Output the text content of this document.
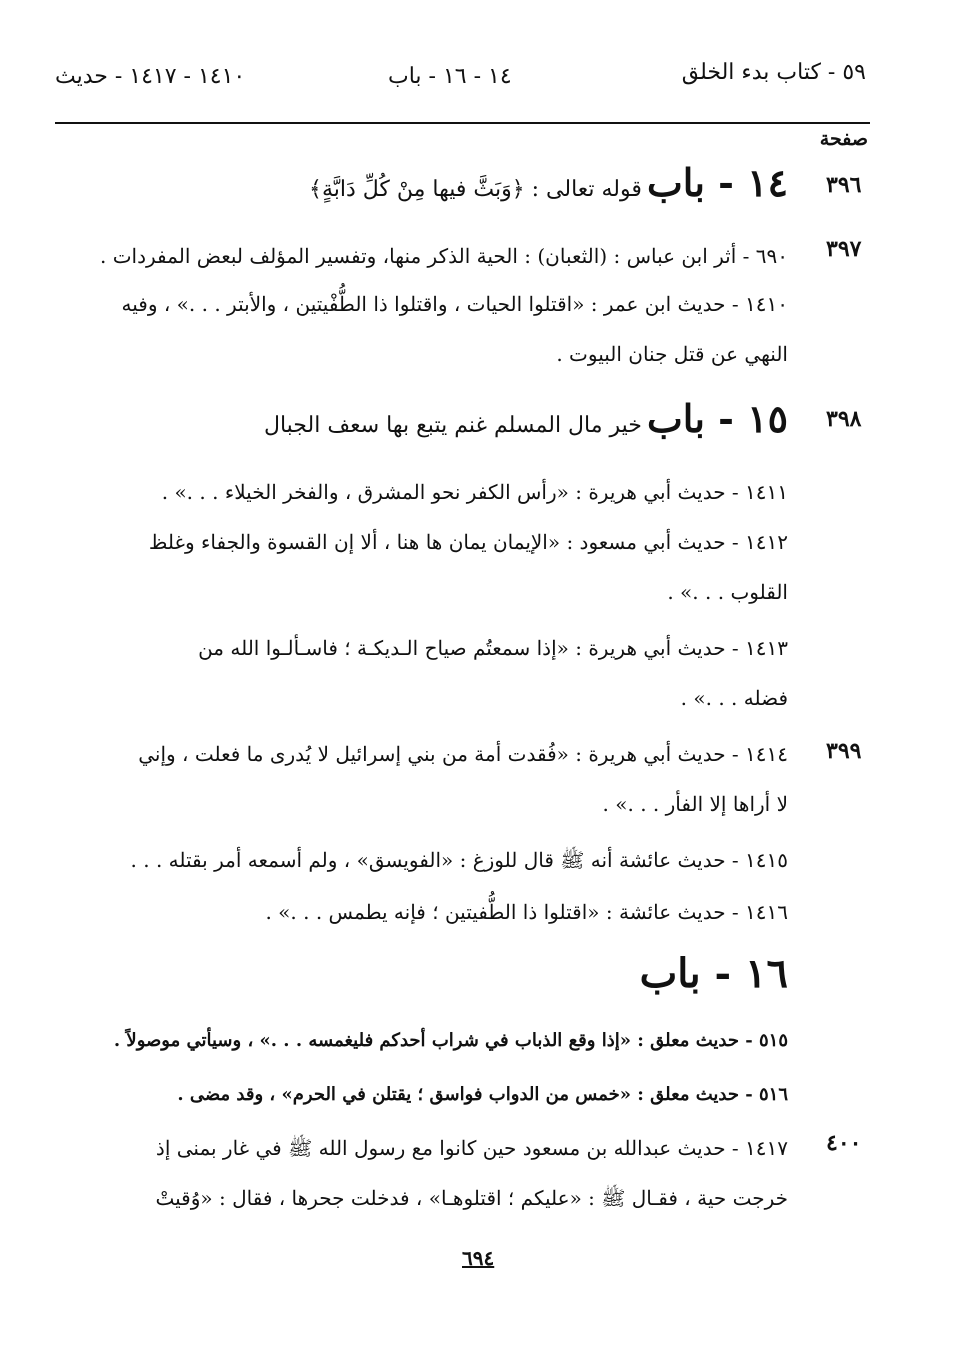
٥٩ - كتاب بدء الخلق
١٤ - ١٦ - باب
١٤١٠ - ١٤١٧ - حديث
صفحة
٣٩٦
٣٩٧
٣٩٨
٣٩٩
٤٠٠
١٤ - باب قوله تعالى : ﴿وَبَثَّ فيها مِنْ كُلِّ دَابَّةٍ﴾
٦٩٠ - أثر ابن عباس : (الثعبان) : الحية الذكر منها، وتفسير المؤلف لبعض المفردات .
١٤١٠ - حديث ابن عمر : «اقتلوا الحيات ، واقتلوا ذا الطُّفْيتين ، والأبتر . . .» ، وفيه
النهي عن قتل جنان البيوت .
١٥ - باب خير مال المسلم غنم يتبع بها سعف الجبال
١٤١١ - حديث أبي هريرة : «رأس الكفر نحو المشرق ، والفخر الخيلاء . . .» .
١٤١٢ - حديث أبي مسعود : «الإيمان يمان ها هنا ، ألا إن القسوة والجفاء وغلظ
القلوب . . .» .
١٤١٣ - حديث أبي هريرة : «إذا سمعتُم صياح الـديكـة ؛ فاسـألـوا الله من
فضله . . .» .
١٤١٤ - حديث أبي هريرة : «فُقدت أمة من بني إسرائيل لا يُدرى ما فعلت ، وإني
لا أراها إلا الفأر . . .» .
١٤١٥ - حديث عائشة أنه ﷺ قال للوزغ : «الفويسق» ، ولم أسمعه أمر بقتله . . .
١٤١٦ - حديث عائشة : «اقتلوا ذا الطُّفيتين ؛ فإنه يطمس . . .» .
١٦ - باب
٥١٥ - حديث معلق : «إذا وقع الذباب في شراب أحدكم فليغمسه . . .» ، وسيأتي موصولاً .
٥١٦ - حديث معلق : «خمس من الدواب فواسق ؛ يقتلن في الحرم» ، وقد مضى .
١٤١٧ - حديث عبدالله بن مسعود حين كانوا مع رسول الله ﷺ في غار بمنى إذ
خرجت حية ، فقـال ﷺ : «عليكم ؛ اقتلوهـا» ، فدخلت جحرها ، فقال : «وُقيتْ
٦٩٤
